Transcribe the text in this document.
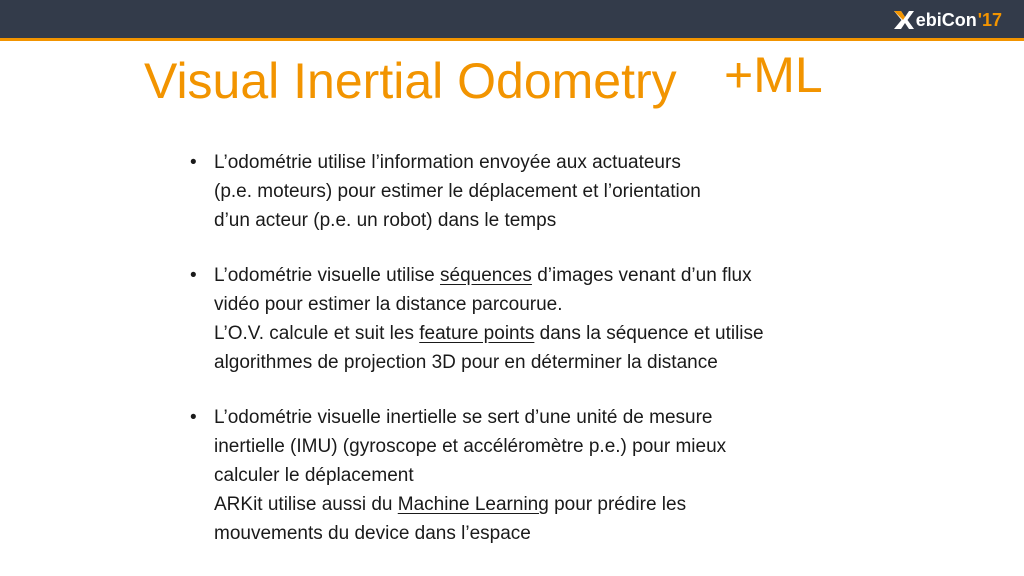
ebiCon '17
Visual Inertial Odometry +ML
• L’odométrie utilise l’information envoyée aux actuateurs
(p.e. moteurs) pour estimer le déplacement et l’orientation
d’un acteur (p.e. un robot) dans le temps
• L’odométrie visuelle utilise séquences d’images venant d’un flux
vidéo pour estimer la distance parcourue.
L’O.V. calcule et suit les feature points dans la séquence et utilise
algorithmes de projection 3D pour en déterminer la distance
• L’odométrie visuelle inertielle se sert d’une unité de mesure
inertielle (IMU) (gyroscope et accéléromètre p.e.) pour mieux
calculer le déplacement
ARKit utilise aussi du Machine Learning pour prédire les
mouvements du device dans l’espace
